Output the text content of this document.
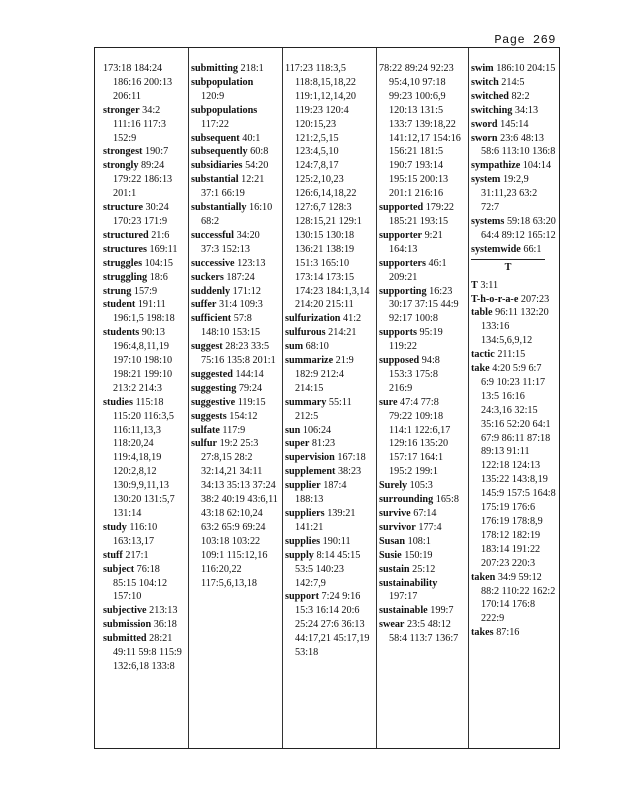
Page 269

173:18 184:24 186:16 200:13 206:11

stronger 34:2 111:16 117:3 152:9

strongest 190:7

strongly 89:24 179:22 186:13 201:1

structure 30:24 170:23 171:9

structured 21:6

structures 169:11

struggles 104:15

struggling 18:6

strung 157:9

student 191:11 196:1,5 198:18

students 90:13 196:4,8,11,19 197:10 198:10 198:21 199:10 213:2 214:3

studies 115:18 115:20 116:3,5 116:11,13,3 118:20,24 119:4,18,19 120:2,8,12 130:9,9,11,13 130:20 131:5,7 131:14

study 116:10 163:13,17

stuff 217:1

subject 76:18 85:15 104:12 157:10

subjective 213:13

submission 36:18

submitted 28:21 49:11 59:8 115:9 132:6,18 133:8

submitting 218:1

subpopulation 120:9

subpopulations 117:22

subsequent 40:1

subsequently 60:8

subsidiaries 54:20

substantial 12:21 37:1 66:19

substantially 16:10 68:2

successful 34:20 37:3 152:13

successive 123:13

suckers 187:24

suddenly 171:12

suffer 31:4 109:3

sufficient 57:8 148:10 153:15

suggest 28:23 33:5 75:16 135:8 201:1

suggested 144:14

suggesting 79:24

suggestive 119:15

suggests 154:12

sulfate 117:9

sulfur 19:2 25:3 27:8,15 28:2 32:14,21 34:11 34:13 35:13 37:24 38:2 40:19 43:6,11 43:18 62:10,24 63:2 65:9 69:24 103:18 103:22 109:1 115:12,16 116:20,22 117:5,6,13,18

117:23 118:3,5 118:8,15,18,22 119:1,12,14,20 119:23 120:4 120:15,23 121:2,5,15 123:4,5,10 124:7,8,17 125:2,10,23 126:6,14,18,22 127:6,7 128:3 128:15,21 129:1 130:15 130:18 136:21 138:19 151:3 165:10 173:14 173:15 174:23 184:1,3,14 214:20 215:11

sulfurization 41:2

sulfurous 214:21

sum 68:10

summarize 21:9 182:9 212:4 214:15

summary 55:11 212:5

sun 106:24

super 81:23

supervision 167:18

supplement 38:23

supplier 187:4 188:13

suppliers 139:21 141:21

supplies 190:11

supply 8:14 45:15 53:5 140:23 142:7,9

support 7:24 9:16 15:3 16:14 20:6 25:24 27:6 36:13 44:17,21 45:17,19 53:18

78:22 89:24 92:23 95:4,10 97:18 99:23 100:6,9 120:13 131:5 133:7 139:18,22 141:12,17 154:16 156:21 181:5 190:7 193:14 195:15 200:13 201:1 216:16

supported 179:22 185:21 193:15

supporter 9:21 164:13

supporters 46:1 209:21

supporting 16:23 30:17 37:15 44:9 92:17 100:8

supports 95:19 119:22

supposed 94:8 153:3 175:8 216:9

sure 47:4 77:8 79:22 109:18 114:1 122:6,17 129:16 135:20 157:17 164:1 195:2 199:1

Surely 105:3

surrounding 165:8

survive 67:14

survivor 177:4

Susan 108:1

Susie 150:19

sustain 25:12

sustainability 197:17

sustainable 199:7

swear 23:5 48:12 58:4 113:7 136:7

swim 186:10 204:15

switch 214:5

switched 82:2

switching 34:13

sword 145:14

sworn 23:6 48:13 58:6 113:10 136:8

sympathize 104:14

system 19:2,9 31:11,23 63:2 72:7

systems 59:18 63:20 64:4 89:12 165:12

systemwide 66:1

T

T 3:11

T-h-o-r-a-e 207:23

table 96:11 132:20 133:16 134:5,6,9,12

tactic 211:15

take 4:20 5:9 6:7 6:9 10:23 11:17 13:5 16:16 24:3,16 32:15 35:16 52:20 64:1 67:9 86:11 87:18 89:13 91:11 122:18 124:13 135:22 143:8,19 145:9 157:5 164:8 175:19 176:6 176:19 178:8,9 178:12 182:19 183:14 191:22 207:23 220:3

taken 34:9 59:12 88:2 110:22 162:2 170:14 176:8 222:9

takes 87:16
